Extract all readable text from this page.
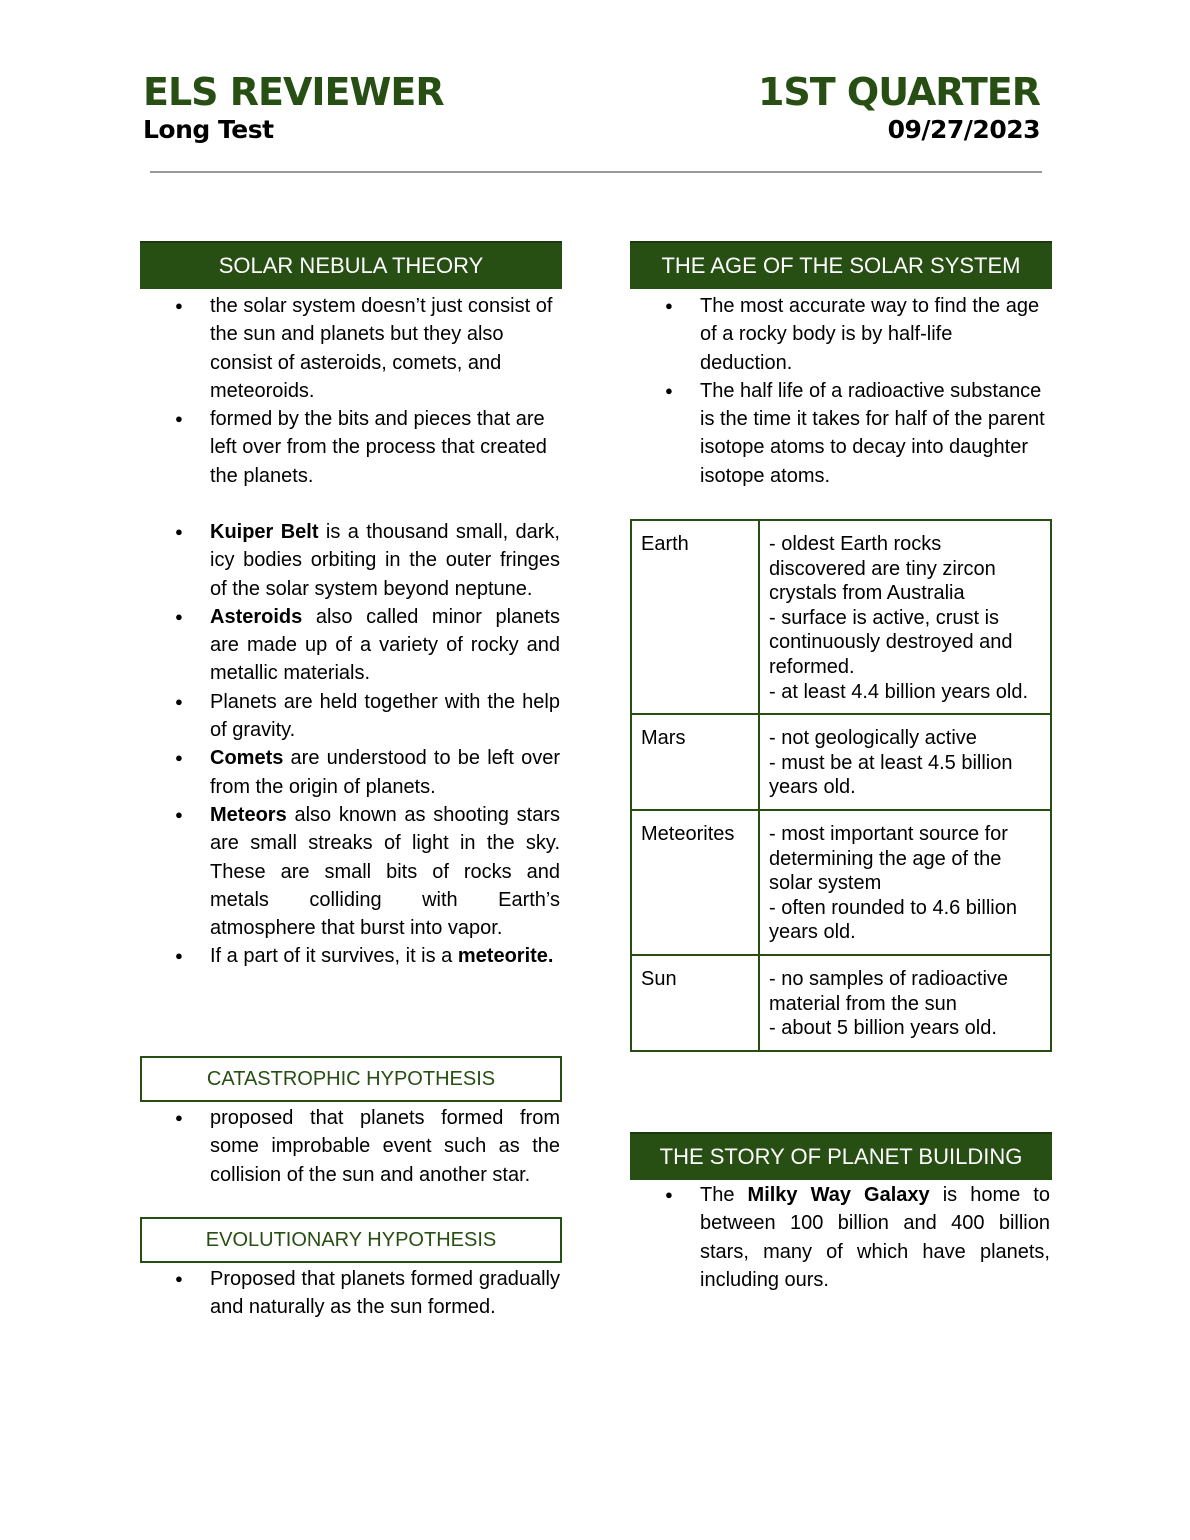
ELS REVIEWER
Long Test
1ST QUARTER
09/27/2023
SOLAR NEBULA THEORY
● the solar system doesn’t just consist of the sun and planets but they also consist of asteroids, comets, and meteoroids.
● formed by the bits and pieces that are left over from the process that created the planets.
● Kuiper Belt is a thousand small, dark, icy bodies orbiting in the outer fringes of the solar system beyond neptune.
● Asteroids also called minor planets are made up of a variety of rocky and metallic materials.
● Planets are held together with the help of gravity.
● Comets are understood to be left over from the origin of planets.
● Meteors also known as shooting stars are small streaks of light in the sky. These are small bits of rocks and metals colliding with Earth’s atmosphere that burst into vapor.
● If a part of it survives, it is a meteorite.
CATASTROPHIC HYPOTHESIS
● proposed that planets formed from some improbable event such as the collision of the sun and another star.
EVOLUTIONARY HYPOTHESIS
● Proposed that planets formed gradually and naturally as the sun formed.
THE AGE OF THE SOLAR SYSTEM
● The most accurate way to find the age of a rocky body is by half-life deduction.
● The half life of a radioactive substance is the time it takes for half of the parent isotope atoms to decay into daughter isotope atoms.
Earth	- oldest Earth rocks discovered are tiny zircon crystals from Australia
- surface is active, crust is continuously destroyed and reformed.
- at least 4.4 billion years old.

Mars	- not geologically active
- must be at least 4.5 billion years old.

Meteorites	- most important source for determining the age of the solar system
- often rounded to 4.6 billion years old.

Sun	- no samples of radioactive material from the sun
- about 5 billion years old.
THE STORY OF PLANET BUILDING
● The Milky Way Galaxy is home to between 100 billion and 400 billion stars, many of which have planets, including ours.
